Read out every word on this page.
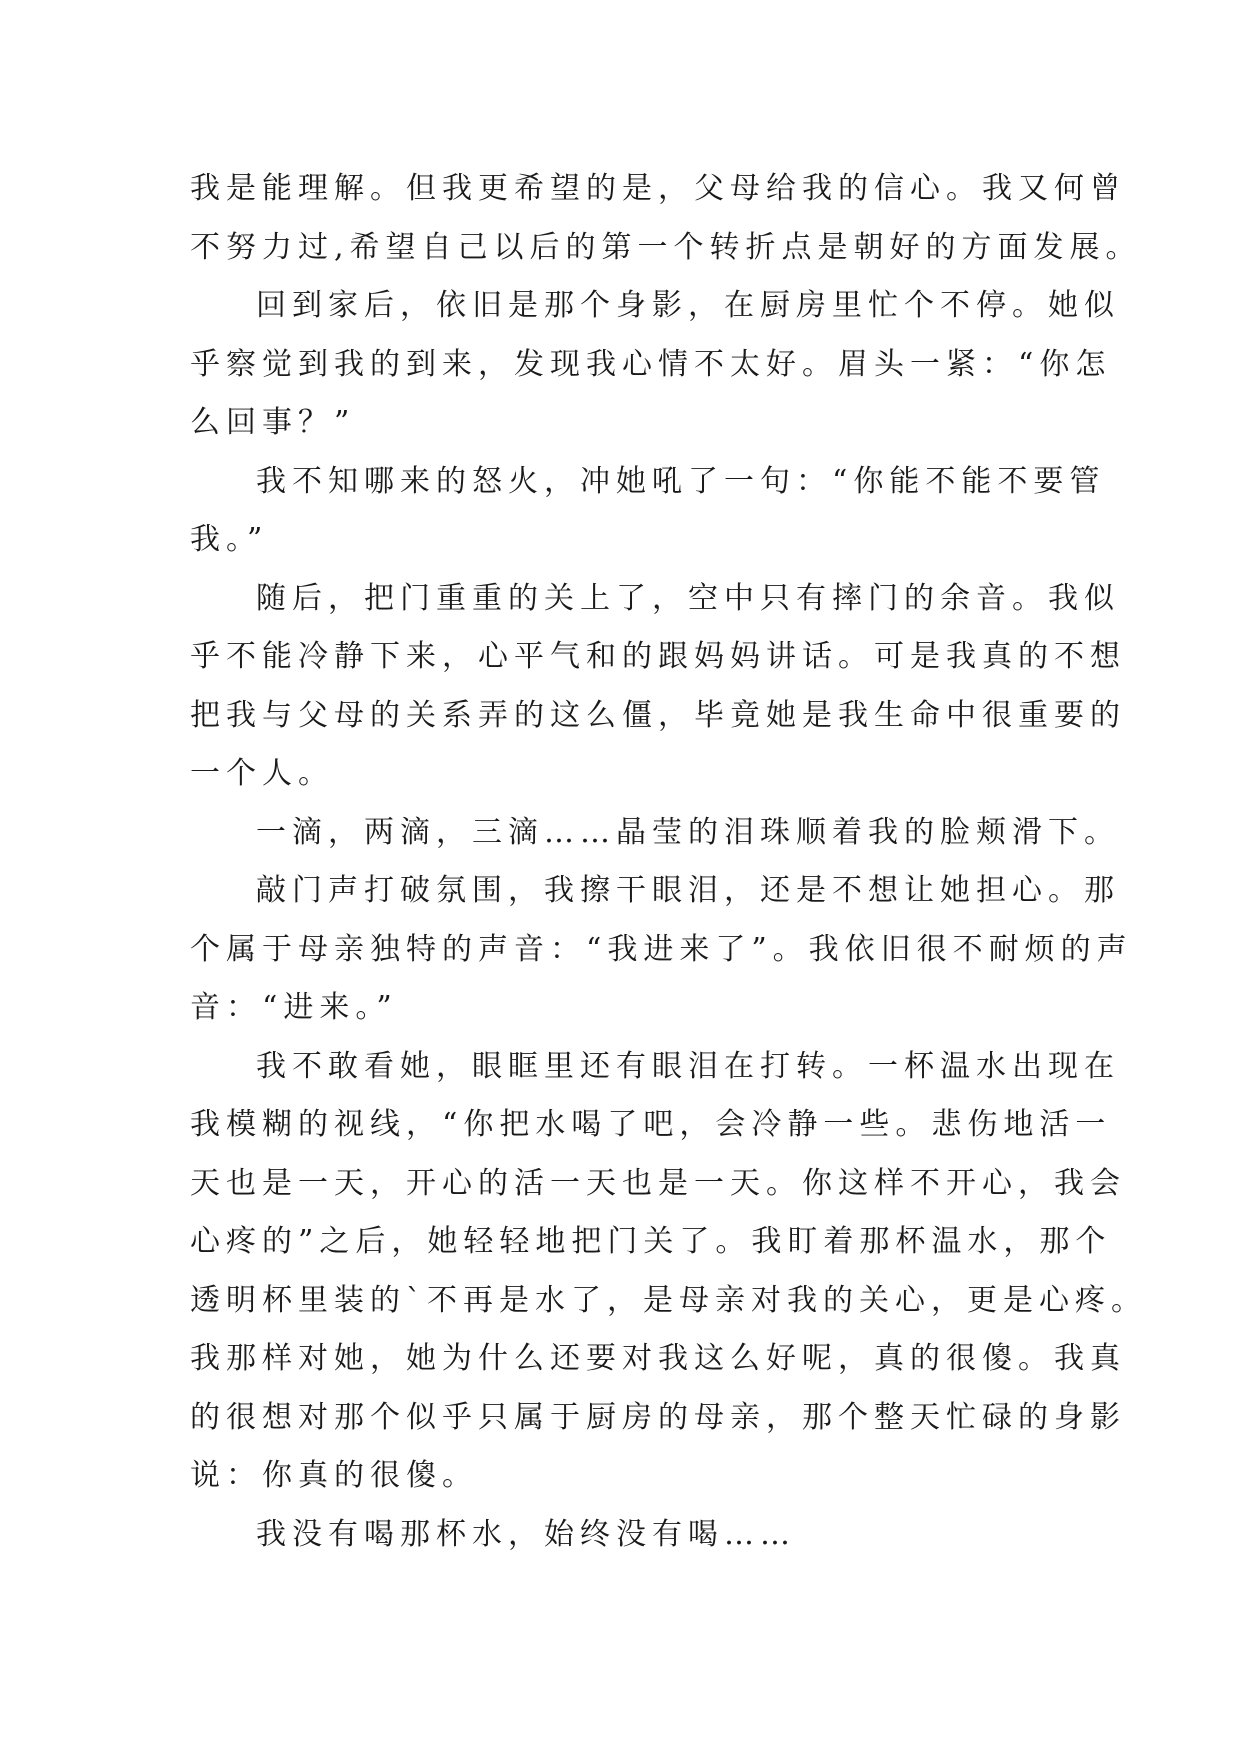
我是能理解。但我更希望的是，父母给我的信心。我又何曾
不努力过,希望自己以后的第一个转折点是朝好的方面发展。
回到家后，依旧是那个身影，在厨房里忙个不停。她似
乎察觉到我的到来，发现我心情不太好。眉头一紧：“你怎
么回事？”
我不知哪来的怒火，冲她吼了一句：“你能不能不要管
我。”
随后，把门重重的关上了，空中只有摔门的余音。我似
乎不能冷静下来，心平气和的跟妈妈讲话。可是我真的不想
把我与父母的关系弄的这么僵，毕竟她是我生命中很重要的
一个人。
一滴，两滴，三滴……晶莹的泪珠顺着我的脸颊滑下。
敲门声打破氛围，我擦干眼泪，还是不想让她担心。那
个属于母亲独特的声音：“我进来了”。我依旧很不耐烦的声
音：“进来。”
我不敢看她，眼眶里还有眼泪在打转。一杯温水出现在
我模糊的视线，“你把水喝了吧，会冷静一些。悲伤地活一
天也是一天，开心的活一天也是一天。你这样不开心，我会
心疼的”之后，她轻轻地把门关了。我盯着那杯温水，那个
透明杯里装的`不再是水了，是母亲对我的关心，更是心疼。
我那样对她，她为什么还要对我这么好呢，真的很傻。我真
的很想对那个似乎只属于厨房的母亲，那个整天忙碌的身影
说：你真的很傻。
我没有喝那杯水，始终没有喝……
